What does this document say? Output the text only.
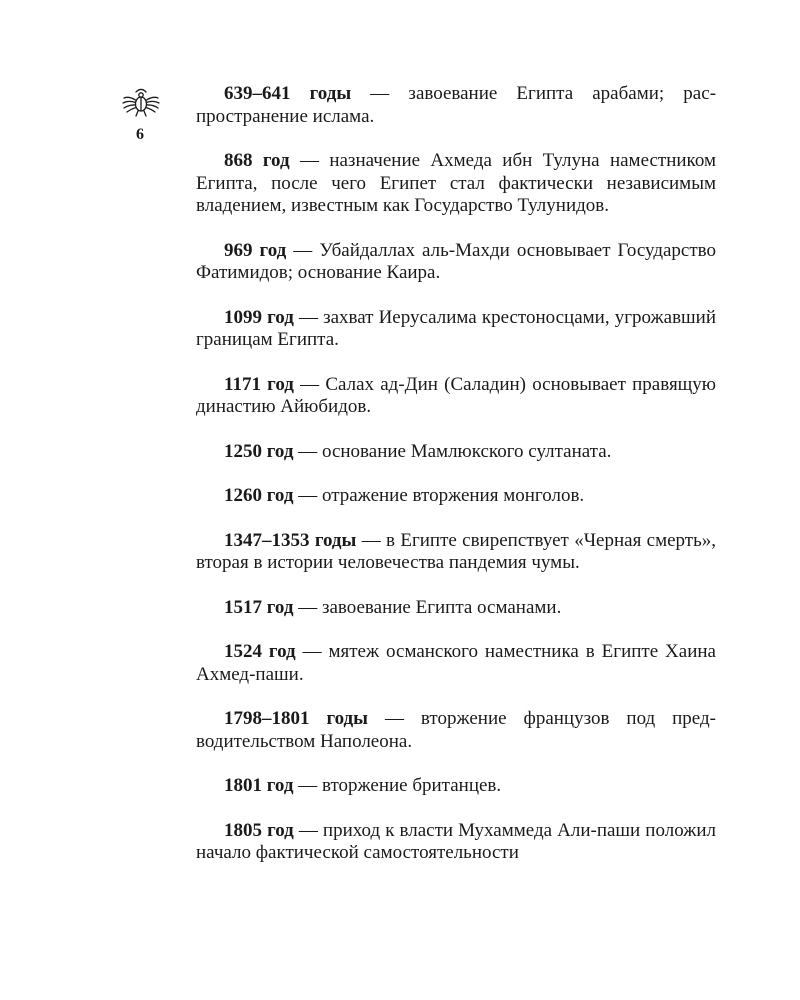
6
639–641 годы — завоевание Египта арабами; распространение ислама.
868 год — назначение Ахмеда ибн Тулуна наместником Египта, после чего Египет стал фактически независимым владением, известным как Государство Тулунидов.
969 год — Убайдаллах аль-Махди основывает Государство Фатимидов; основание Каира.
1099 год — захват Иерусалима крестоносцами, угрожавший границам Египта.
1171 год — Салах ад-Дин (Саладин) основывает правящую династию Айюбидов.
1250 год — основание Мамлюкского султаната.
1260 год — отражение вторжения монголов.
1347–1353 годы — в Египте свирепствует «Черная смерть», вторая в истории человечества пандемия чумы.
1517 год — завоевание Египта османами.
1524 год — мятеж османского наместника в Египте Хаина Ахмед-паши.
1798–1801 годы — вторжение французов под предводительством Наполеона.
1801 год — вторжение британцев.
1805 год — приход к власти Мухаммеда Али-паши положил начало фактической самостоятельности
